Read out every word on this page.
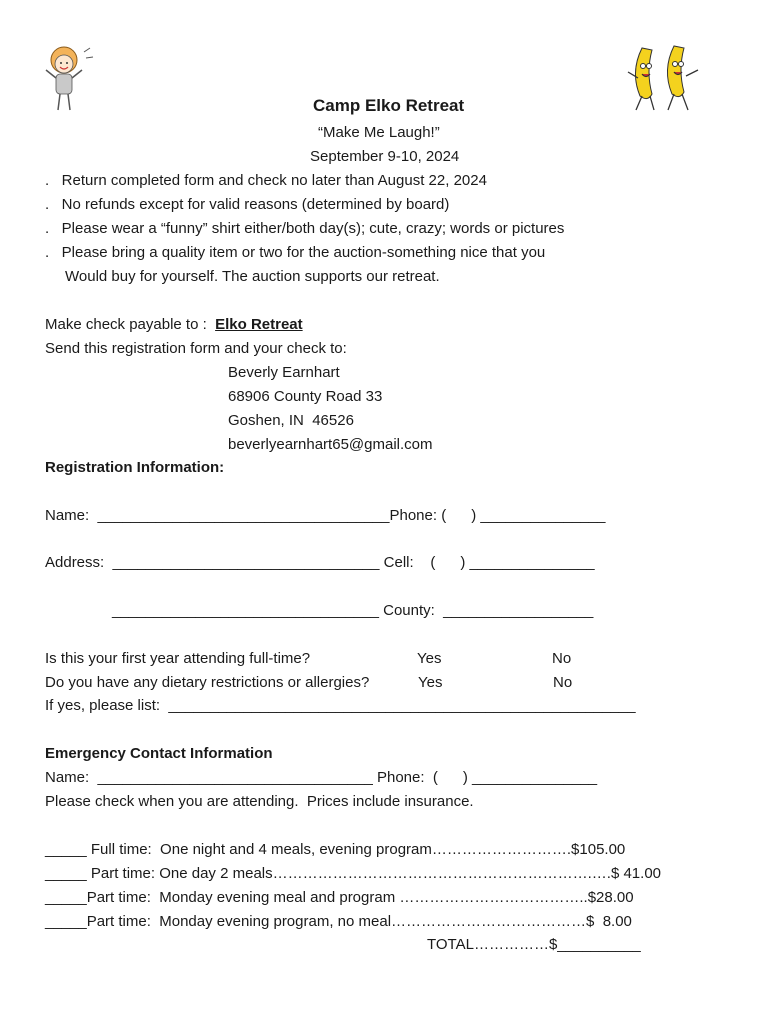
Camp Elko Retreat
“Make Me Laugh!”
September 9-10, 2024
.   Return completed form and check no later than August 22, 2024
.   No refunds except for valid reasons (determined by board)
.   Please wear a “funny” shirt either/both day(s); cute, crazy; words or pictures
.   Please bring a quality item or two for the auction-something nice that you
Would buy for yourself. The auction supports our retreat.
Make check payable to :  Elko Retreat
Send this registration form and your check to:
Beverly Earnhart
68906 County Road 33
Goshen, IN  46526
beverlyearnhart65@gmail.com
Registration Information:
Name:  ___________________________________Phone: (      ) _______________
Address:  ________________________________ Cell:    (      ) _______________
________________________________ County:  __________________
Is this your first year attending full-time?	Yes	No
Do you have any dietary restrictions or allergies?	Yes	No
If yes, please list:  ________________________________________________________
Emergency Contact Information
Name:  _________________________________ Phone:  (      ) _______________
Please check when you are attending.  Prices include insurance.
_____ Full time:  One night and 4 meals, evening program……………………….$105.00
_____ Part time: One day 2 meals……………………………………………………….….$ 41.00
_____Part time:  Monday evening meal and program ………………………………..$28.00
_____Part time:  Monday evening program, no meal…………………………………$  8.00
TOTAL……………$__________
